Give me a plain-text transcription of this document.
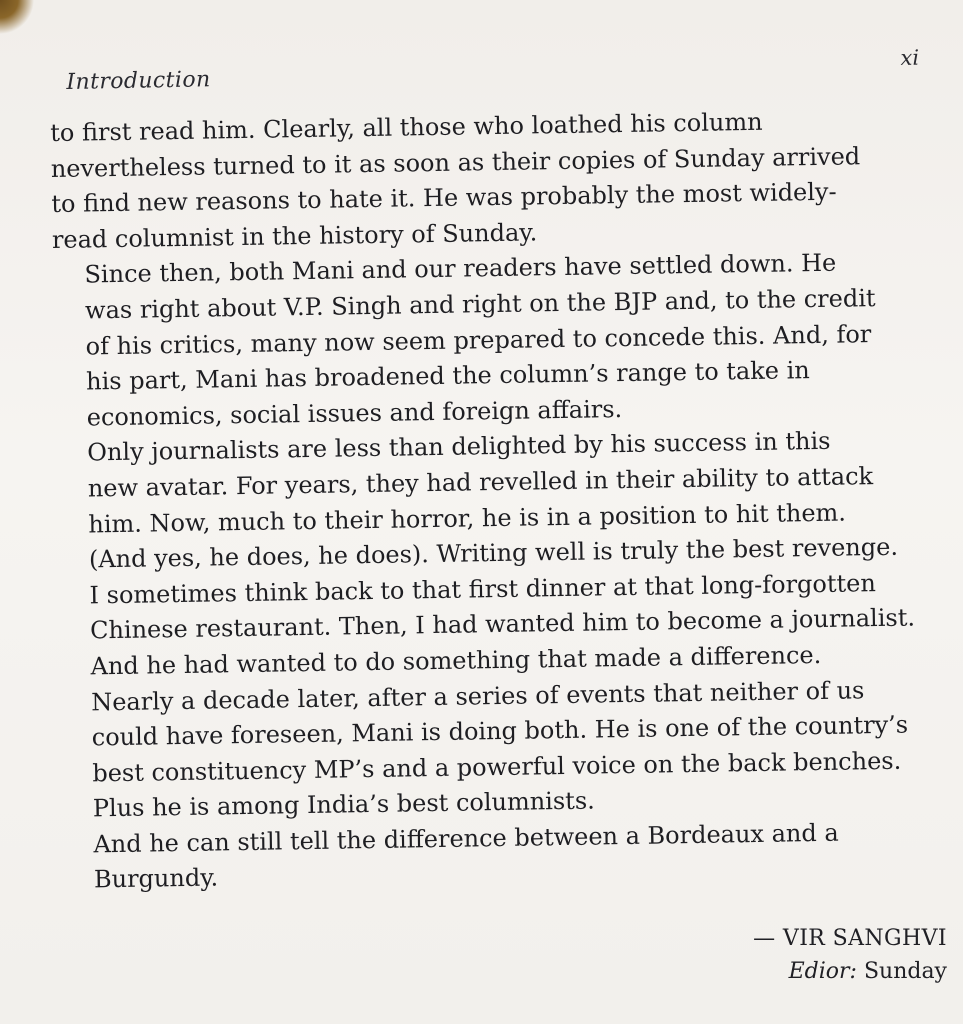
Introduction
xi

to first read him. Clearly, all those who loathed his column
nevertheless turned to it as soon as their copies of Sunday arrived
to find new reasons to hate it. He was probably the most widely-
read columnist in the history of Sunday.

Since then, both Mani and our readers have settled down. He
was right about V.P. Singh and right on the BJP and, to the credit
of his critics, many now seem prepared to concede this. And, for
his part, Mani has broadened the column’s range to take in
economics, social issues and foreign affairs.

Only journalists are less than delighted by his success in this
new avatar. For years, they had revelled in their ability to attack
him. Now, much to their horror, he is in a position to hit them.
(And yes, he does, he does). Writing well is truly the best revenge.

I sometimes think back to that first dinner at that long-forgotten
Chinese restaurant. Then, I had wanted him to become a journalist.
And he had wanted to do something that made a difference.

Nearly a decade later, after a series of events that neither of us
could have foreseen, Mani is doing both. He is one of the country’s
best constituency MP’s and a powerful voice on the back benches.
Plus he is among India’s best columnists.

And he can still tell the difference between a Bordeaux and a
Burgundy.

— VIR SANGHVI
Edior: Sunday
